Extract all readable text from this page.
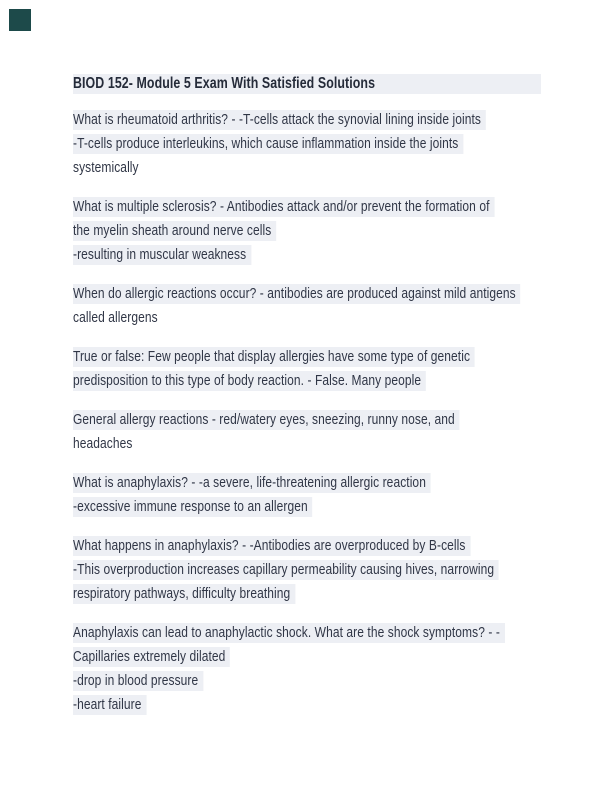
BIOD 152- Module 5 Exam With Satisfied Solutions
What is rheumatoid arthritis? - -T-cells attack the synovial lining inside joints
-T-cells produce interleukins, which cause inflammation inside the joints
systemically
What is multiple sclerosis? - Antibodies attack and/or prevent the formation of
the myelin sheath around nerve cells
-resulting in muscular weakness
When do allergic reactions occur? - antibodies are produced against mild antigens
called allergens
True or false: Few people that display allergies have some type of genetic
predisposition to this type of body reaction. - False. Many people
General allergy reactions - red/watery eyes, sneezing, runny nose, and
headaches
What is anaphylaxis? - -a severe, life-threatening allergic reaction
-excessive immune response to an allergen
What happens in anaphylaxis? - -Antibodies are overproduced by B-cells
-This overproduction increases capillary permeability causing hives, narrowing
respiratory pathways, difficulty breathing
Anaphylaxis can lead to anaphylactic shock. What are the shock symptoms? - -
Capillaries extremely dilated
-drop in blood pressure
-heart failure
